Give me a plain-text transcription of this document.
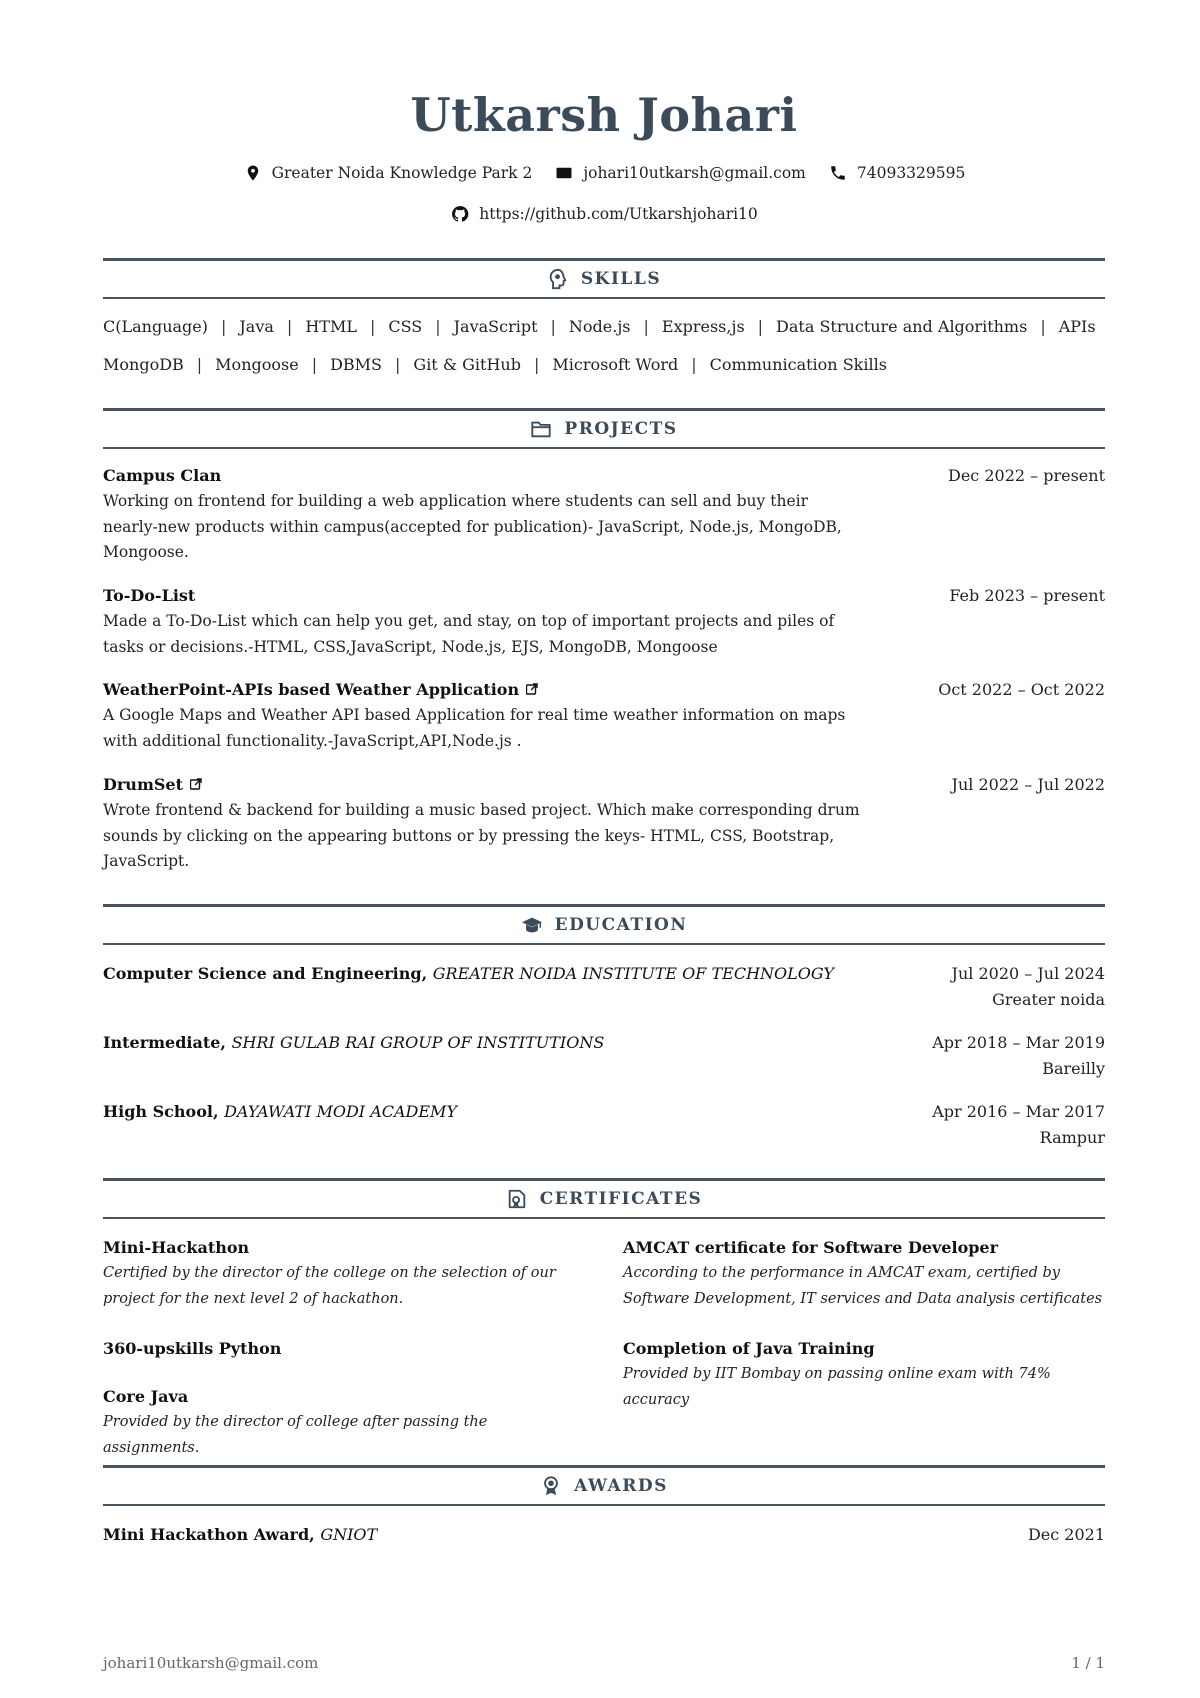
Utkarsh Johari
Greater Noida Knowledge Park 2	johari10utkarsh@gmail.com	74093329595
https://github.com/Utkarshjohari10
SKILLS
C(Language) | Java | HTML | CSS | JavaScript | Node.js | Express,js | Data Structure and Algorithms | APIs
MongoDB | Mongoose | DBMS | Git & GitHub | Microsoft Word | Communication Skills
PROJECTS
Campus Clan	Dec 2022 – present
Working on frontend for building a web application where students can sell and buy their nearly-new products within campus(accepted for publication)- JavaScript, Node.js, MongoDB, Mongoose.
To-Do-List	Feb 2023 – present
Made a To-Do-List which can help you get, and stay, on top of important projects and piles of tasks or decisions.-HTML, CSS,JavaScript, Node.js, EJS, MongoDB, Mongoose
WeatherPoint-APIs based Weather Application	Oct 2022 – Oct 2022
A Google Maps and Weather API based Application for real time weather information on maps with additional functionality.-JavaScript,API,Node.js .
DrumSet	Jul 2022 – Jul 2022
Wrote frontend & backend for building a music based project. Which make corresponding drum sounds by clicking on the appearing buttons or by pressing the keys- HTML, CSS, Bootstrap, JavaScript.
EDUCATION
Computer Science and Engineering, GREATER NOIDA INSTITUTE OF TECHNOLOGY	Jul 2020 – Jul 2024
Greater noida
Intermediate, SHRI GULAB RAI GROUP OF INSTITUTIONS	Apr 2018 – Mar 2019
Bareilly
High School, DAYAWATI MODI ACADEMY	Apr 2016 – Mar 2017
Rampur
CERTIFICATES
Mini-Hackathon
Certified by the director of the college on the selection of our project for the next level 2 of hackathon.
AMCAT certificate for Software Developer
According to the performance in AMCAT exam, certified by Software Development, IT services and Data analysis certificates
360-upskills Python	Completion of Java Training
Provided by IIT Bombay on passing online exam with 74% accuracy
Core Java
Provided by the director of college after passing the assignments.
AWARDS
Mini Hackathon Award, GNIOT	Dec 2021
johari10utkarsh@gmail.com	1 / 1
